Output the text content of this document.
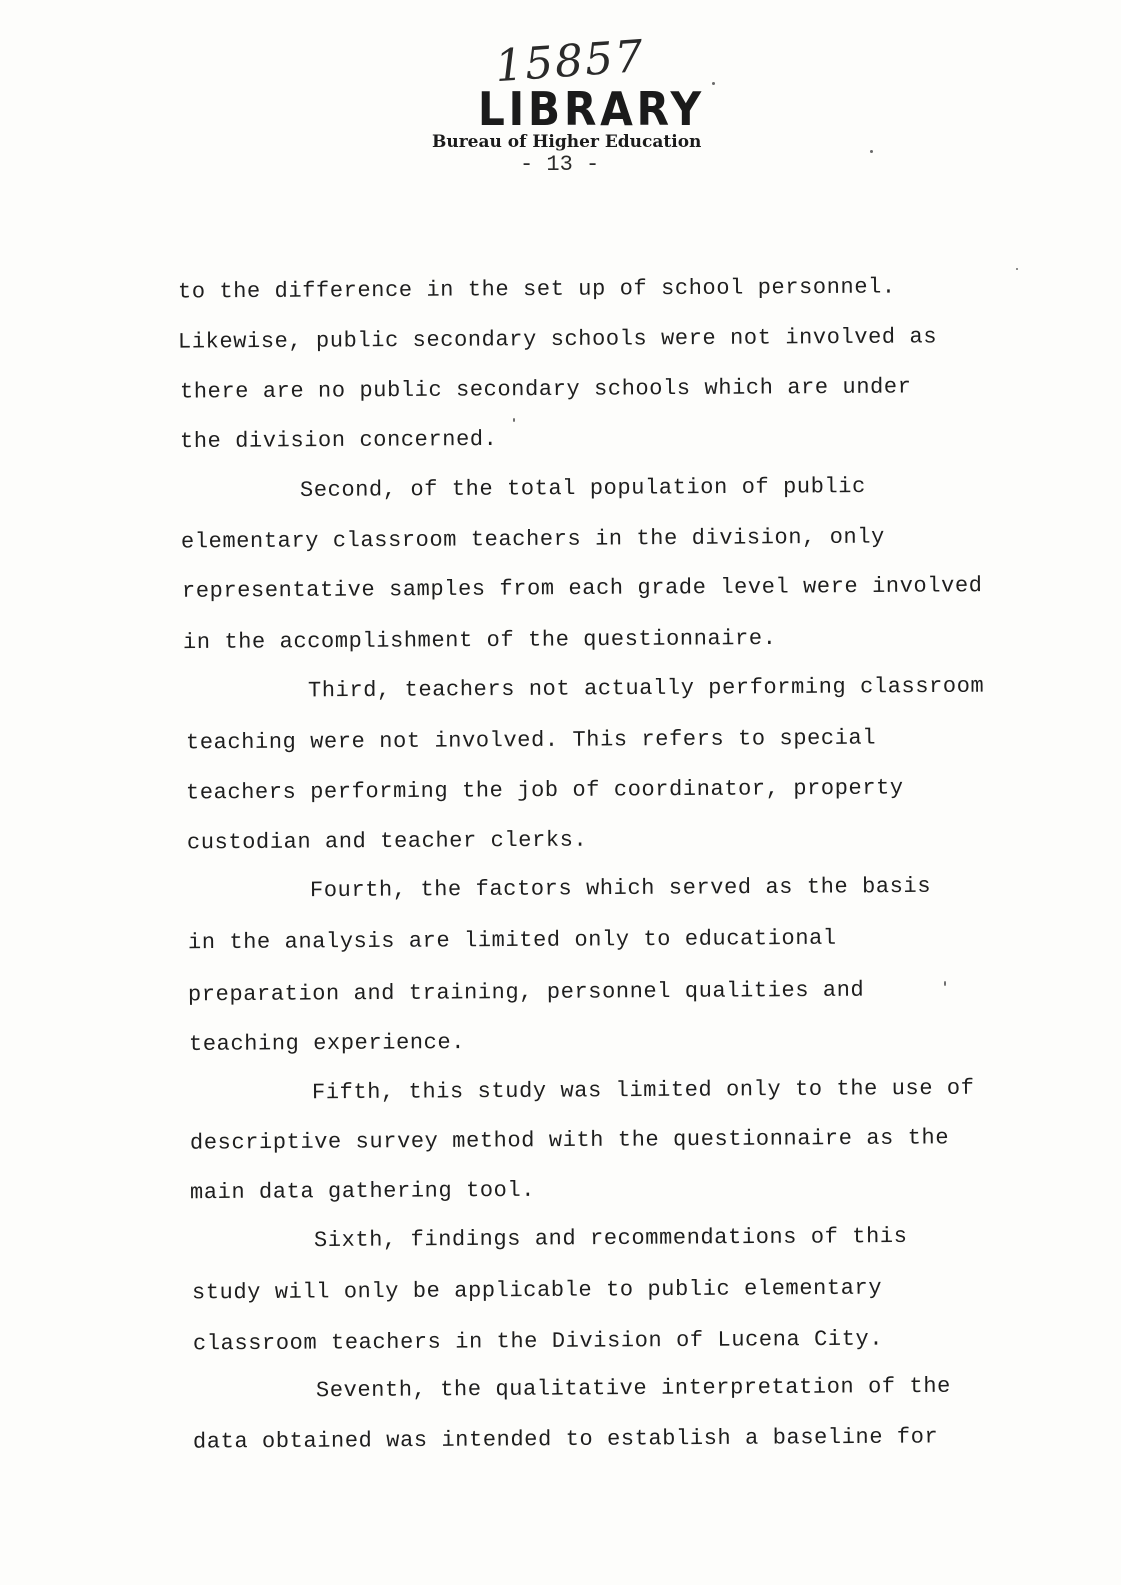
15857
LIBRARY
Bureau of Higher Education
- 13 -
to the difference in the set up of school personnel.
Likewise, public secondary schools were not involved as
there are no public secondary schools which are under
the division concerned.
Second, of the total population of public
elementary classroom teachers in the division, only
representative samples from each grade level were involved
in the accomplishment of the questionnaire.
Third, teachers not actually performing classroom
teaching were not involved. This refers to special
teachers performing the job of coordinator, property
custodian and teacher clerks.
Fourth, the factors which served as the basis
in the analysis are limited only to educational
preparation and training, personnel qualities and
teaching experience.
Fifth, this study was limited only to the use of
descriptive survey method with the questionnaire as the
main data gathering tool.
Sixth, findings and recommendations of this
study will only be applicable to public elementary
classroom teachers in the Division of Lucena City.
Seventh, the qualitative interpretation of the
data obtained was intended to establish a baseline for
